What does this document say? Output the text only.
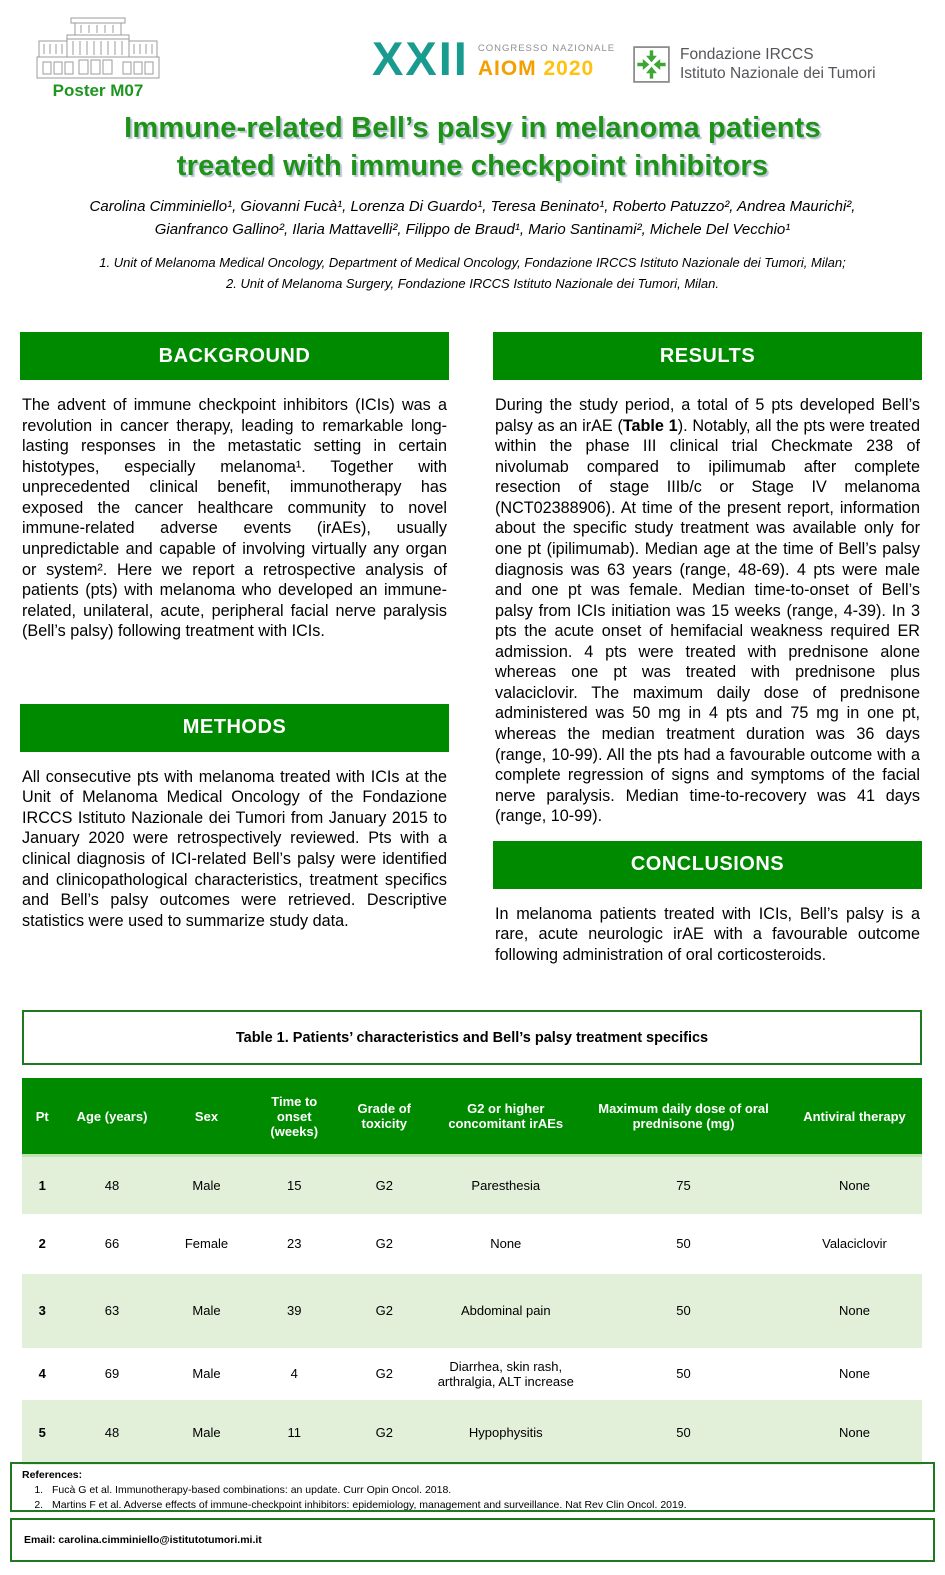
Poster M07
XXII CONGRESSO NAZIONALE
AIOM 2020
Fondazione IRCCS
Istituto Nazionale dei Tumori
Immune-related Bell’s palsy in melanoma patients
treated with immune checkpoint inhibitors

Carolina Cimminiello¹, Giovanni Fucà¹, Lorenza Di Guardo¹, Teresa Beninato¹, Roberto Patuzzo², Andrea Maurichi²,
Gianfranco Gallino², Ilaria Mattavelli², Filippo de Braud¹, Mario Santinami², Michele Del Vecchio¹

1. Unit of Melanoma Medical Oncology, Department of Medical Oncology, Fondazione IRCCS Istituto Nazionale dei Tumori, Milan;
2. Unit of Melanoma Surgery, Fondazione IRCCS Istituto Nazionale dei Tumori, Milan.

BACKGROUND

The advent of immune checkpoint inhibitors (ICIs) was a revolution in cancer therapy, leading to remarkable long-lasting responses in the metastatic setting in certain histotypes, especially melanoma¹. Together with unprecedented clinical benefit, immunotherapy has exposed the cancer healthcare community to novel immune-related adverse events (irAEs), usually unpredictable and capable of involving virtually any organ or system². Here we report a retrospective analysis of patients (pts) with melanoma who developed an immune-related, unilateral, acute, peripheral facial nerve paralysis (Bell’s palsy) following treatment with ICIs.

METHODS

All consecutive pts with melanoma treated with ICIs at the Unit of Melanoma Medical Oncology of the Fondazione IRCCS Istituto Nazionale dei Tumori from January 2015 to January 2020 were retrospectively reviewed. Pts with a clinical diagnosis of ICI-related Bell’s palsy were identified and clinicopathological characteristics, treatment specifics and Bell’s palsy outcomes were retrieved. Descriptive statistics were used to summarize study data.

RESULTS

During the study period, a total of 5 pts developed Bell’s palsy as an irAE (Table 1). Notably, all the pts were treated within the phase III clinical trial Checkmate 238 of nivolumab compared to ipilimumab after complete resection of stage IIIb/c or Stage IV melanoma (NCT02388906). At time of the present report, information about the specific study treatment was available only for one pt (ipilimumab). Median age at the time of Bell’s palsy diagnosis was 63 years (range, 48-69). 4 pts were male and one pt was female. Median time-to-onset of Bell’s palsy from ICIs initiation was 15 weeks (range, 4-39). In 3 pts the acute onset of hemifacial weakness required ER admission. 4 pts were treated with prednisone alone whereas one pt was treated with prednisone plus valaciclovir. The maximum daily dose of prednisone administered was 50 mg in 4 pts and 75 mg in one pt, whereas the median treatment duration was 36 days (range, 10-99). All the pts had a favourable outcome with a complete regression of signs and symptoms of the facial nerve paralysis. Median time-to-recovery was 41 days (range, 10-99).

CONCLUSIONS

In melanoma patients treated with ICIs, Bell’s palsy is a rare, acute neurologic irAE with a favourable outcome following administration of oral corticosteroids.

Table 1. Patients’ characteristics and Bell’s palsy treatment specifics
Pt	Age (years)	Sex	Time to onset (weeks)	Grade of toxicity	G2 or higher concomitant irAEs	Maximum daily dose of oral prednisone (mg)	Antiviral therapy
1	48	Male	15	G2	Paresthesia	75	None
2	66	Female	23	G2	None	50	Valaciclovir
3	63	Male	39	G2	Abdominal pain	50	None
4	69	Male	4	G2	Diarrhea, skin rash, arthralgia, ALT increase	50	None
5	48	Male	11	G2	Hypophysitis	50	None
References:
1. Fucà G et al. Immunotherapy-based combinations: an update. Curr Opin Oncol. 2018.
2. Martins F et al. Adverse effects of immune-checkpoint inhibitors: epidemiology, management and surveillance. Nat Rev Clin Oncol. 2019.
Email: carolina.cimminiello@istitutotumori.mi.it
